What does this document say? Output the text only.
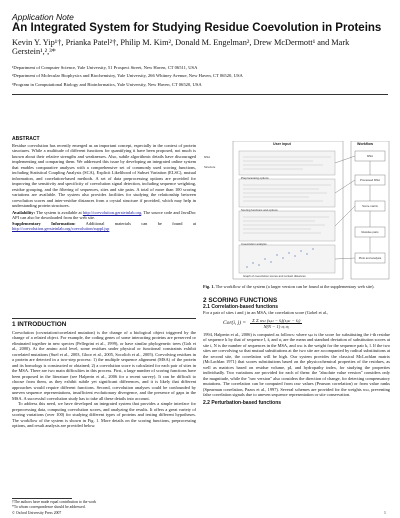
Application Note
An Integrated System for Studying Residue Coevolution in Proteins
Kevin Y. Yip¹†, Prianka Patel²†, Philip M. Kim², Donald M. Engelman², Drew McDermott¹ and Mark Gerstein¹,²,³*
¹Department of Computer Science, Yale University, 51 Prospect Street, New Haven, CT 06511, USA
²Department of Molecular Biophysics and Biochemistry, Yale University, 266 Whitney Avenue, New Haven, CT 06520, USA
³Program in Computational Biology and Bioinformatics, Yale University, New Haven, CT 06520, USA
ABSTRACT
Residue coevolution has recently emerged as an important concept, especially in the context of protein structures. While a multitude of different functions for quantifying it have been proposed, not much is known about their relative strengths and weaknesses. Also, subtle algorithmic details have discouraged implementing and comparing them. We addressed this issue by developing an integrated online system that enables comparative analyses with a comprehensive set of commonly used scoring functions, including Statistical Coupling Analysis (SCA), Explicit Likelihood of Subset Variation (ELSC), mutual information, and correlation-based methods. A set of data preprocessing options are provided for improving the sensitivity and specificity of coevolution signal detection, including sequence weighting, residue grouping, and the filtering of sequences, sites and site pairs. A total of more than 100 scoring variations are available. The system also provides facilities for studying the relationship between coevolution scores and inter-residue distances from a crystal structure if provided, which may help in understanding protein structures.
Availability: The system is available at http://coevolution.gersteinlab.org. The source code and JavaDoc API can also be downloaded from the web site.
Supplementary Information: Additional materials can be found at http://coevolution.gersteinlab.org/coevolution/suppl.jsp
1 INTRODUCTION
Coevolution (covariation/correlated mutation) is the change of a biological object triggered by the change of a related object. For example, the coding genes of some interacting proteins are preserved or eliminated together in new species (Pellegrini et al., 1999), or have similar phylogenetic trees (Goh et al., 2000). At the amino acid level, some residues under physical or functional constraints exhibit correlated mutations (Suel et al., 2003, Gloor et al., 2005, Socolich et al., 2005). Coevolving residues in a protein are detected in a two-step process: 1) the multiple sequence alignment (MSA) of the protein and its homologs is constructed or obtained; 2) a coevolution score is calculated for each pair of sites in the MSA. There are two main difficulties in this process. First, a large number of scoring functions have been proposed in the literature (see Halperin et al., 2006 for a recent survey). It can be difficult to choose from them, as they exhibit subtle yet significant differences, and it is likely that different approaches would require different functions. Second, coevolution analyses could be confounded by uneven sequence representations, insufficient evolutionary divergence, and the presence of gaps in the MSA. A successful coevolution study has to take all these details into account.
To address this need, we have developed an integrated system that provides a simple interface for preprocessing data, computing coevolution scores, and analyzing the results. It offers a great variety of scoring variations (over 100) for studying different types of proteins and testing different hypotheses. The workflow of the system is shown in Fig. 1. More details on the scoring functions, preprocessing options, and result analysis are provided below.
User input	Workflow
MSA
Structure
Preprocessing options
Scoring functions and options
Coevolution analysis
Graph of coevolution scores and contact distances
MSA
Processed MSA
Score matrix
Residue pairs
Plots and analysis
Fig. 1. The workflow of the system (a larger version can be found at the supplementary web site).
2 SCORING FUNCTIONS
2.1 Correlation-based functions
For a pair of sites i and j in an MSA, the correlation score (Gobel et al.,
Cor(i, j) =	Σ Σ wₖₗ (sᵢₖₗ − s̄ᵢ)(sⱼₖₗ − s̄ⱼ)
N(N − 1) σᵢ σⱼ
1994, Halperin et al., 2006) is computed as follows: where sᵢₖₗ is the score for substituting the i-th residue of sequence k by that of sequence l, s̄ᵢ and σᵢ are the mean and standard deviation of substitution scores at site i, N is the number of sequences in the MSA, and wₖₗ is the weight for the sequence pair k, l. If the two sites are coevolving so that mutual substitutions at the two site are accompanied by radical substitutions at the second site, the correlation will be high. Our system provides the classical McLachlan matrix (McLachlan 1971) that scores substitutions based on the physicochemical properties of the residues, as well as matrices based on residue volume, pI, and hydropathy index, for studying the properties individually. Two variations are provided for each of them: the "absolute value version" considers only the magnitude, while the "raw version" also considers the direction of change, for detecting compensatory mutations. The correlation can be computed from raw values (Pearson correlation) or from value ranks (Spearman correlation, Pazos et al., 1997). Several schemes are provided for the weights wₖₗ, preventing false correlation signals due to uneven sequence representation or site conservation.
2.2 Perturbation-based functions
†The authors have made equal contribution to the work
*To whom correspondence should be addressed.
© Oxford University Press 2007	1
